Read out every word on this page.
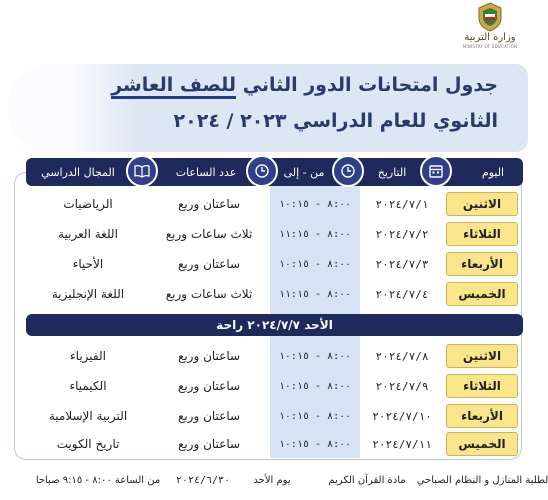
وزارة التربية
MINISTRY OF EDUCATION
جدول امتحانات الدور الثاني للصف العاشر
الثانوي للعام الدراسي ٢٠٢٣ / ٢٠٢٤
اليوم
التاريخ
من - إلى
عدد الساعات
المجال الدراسي
الاثنين
٢٠٢٤/٧/١
٨:٠٠ - ١٠:١٥
ساعتان وربع
الرياضيات
الثلاثاء
٢٠٢٤/٧/٢
٨:٠٠ - ١١:١٥
ثلاث ساعات وربع
اللغة العربية
الأربعاء
٢٠٢٤/٧/٣
٨:٠٠ - ١٠:١٥
ساعتان وربع
الأحياء
الخميس
٢٠٢٤/٧/٤
٨:٠٠ - ١١:١٥
ثلاث ساعات وربع
اللغة الإنجليزية
الأحد ٢٠٢٤/٧/٧ راحة
الاثنين
٢٠٢٤/٧/٨
٨:٠٠ - ١٠:١٥
ساعتان وربع
الفيزياء
الثلاثاء
٢٠٢٤/٧/٩
٨:٠٠ - ١٠:١٥
ساعتان وربع
الكيمياء
الأربعاء
٢٠٢٤/٧/١٠
٨:٠٠ - ١٠:١٥
ساعتان وربع
التربية الإسلامية
الخميس
٢٠٢٤/٧/١١
٨:٠٠ - ١٠:١٥
ساعتان وربع
تاريخ الكويت
لطلبة المنازل و النظام الصباحي
مادة القرآن الكريم
يوم الأحد
٢٠٢٤/٦/٣٠
من الساعة ٨:٠٠ - ٩:١٥ صباحا
